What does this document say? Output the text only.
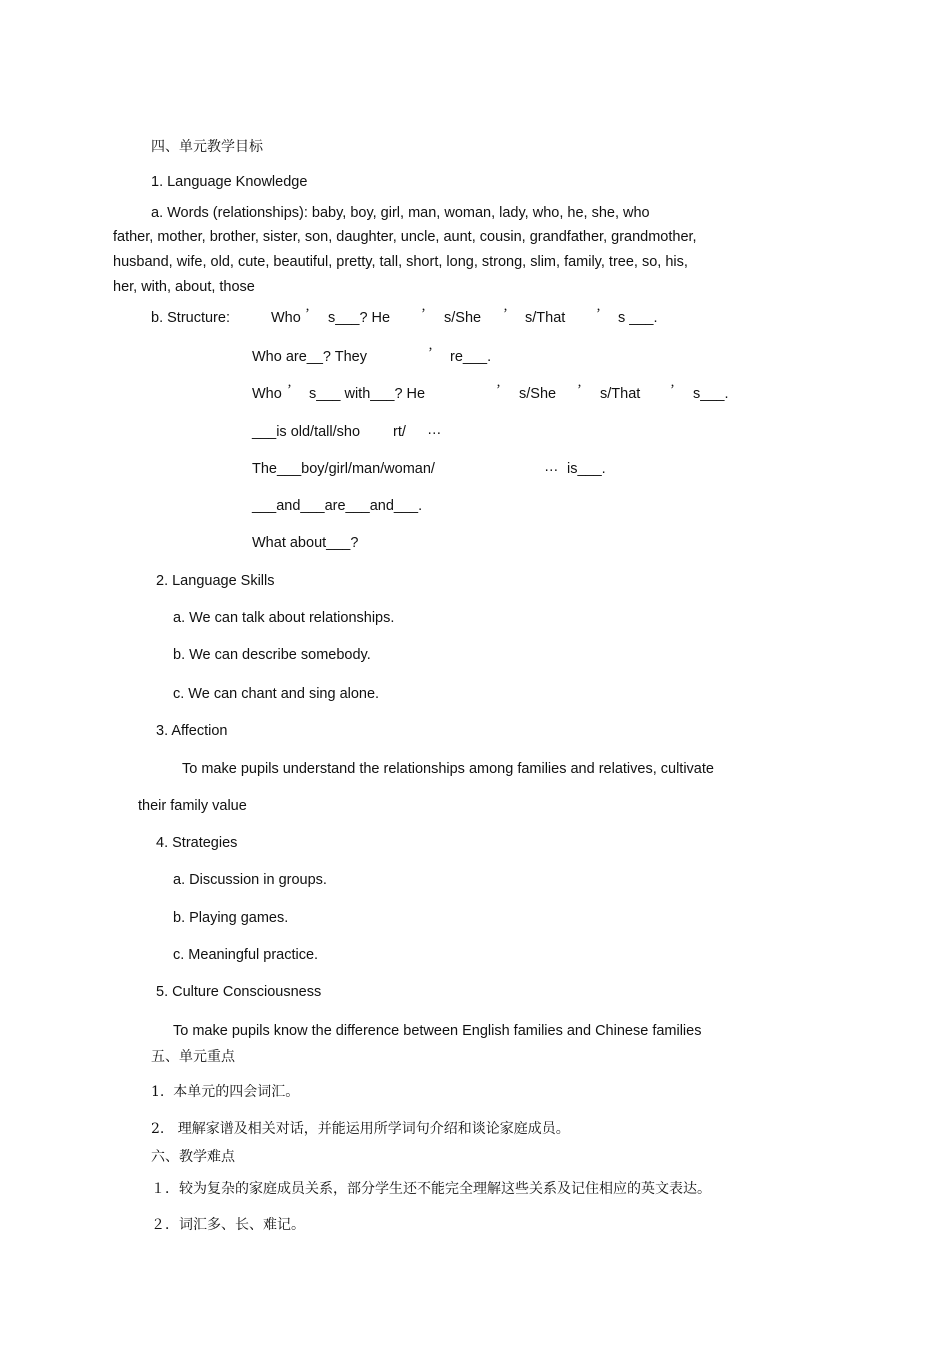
四、单元教学目标
1. Language Knowledge
a. Words (relationships): baby, boy, girl, man, woman, lady, who, he, she, who
father, mother, brother, sister, son, daughter, uncle, aunt, cousin, grandfather, grandmother,
husband, wife, old, cute, beautiful, pretty, tall, short, long, strong, slim, family, tree, so, his,
her, with, about, those
b. Structure:	Who ’ s___? He ’ s/She ’ s/That ’ s ___.
Who are__? They	’ re___.
Who ’ s___ with___? He	’ s/She ’ s/That ’ s___.
___is old/tall/sho rt/ …
The___boy/girl/man/woman/	… is___.
___and___are___and___.
What about___?
2. Language Skills
a. We can talk about relationships.
b. We can describe somebody.
c. We can chant and sing alone.
3. Affection
To make pupils understand the relationships among families and relatives, cultivate
their family value
4. Strategies
a. Discussion in groups.
b. Playing games.
c. Meaningful practice.
5. Culture Consciousness
To make pupils know the difference between English families and Chinese families
五、单元重点
1.  本单元的四会词汇。
2.   理解家谱及相关对话，并能运用所学词句介绍和谈论家庭成员。
六、教学难点
１．较为复杂的家庭成员关系，部分学生还不能完全理解这些关系及记住相应的英文表达。
２．词汇多、长、难记。
